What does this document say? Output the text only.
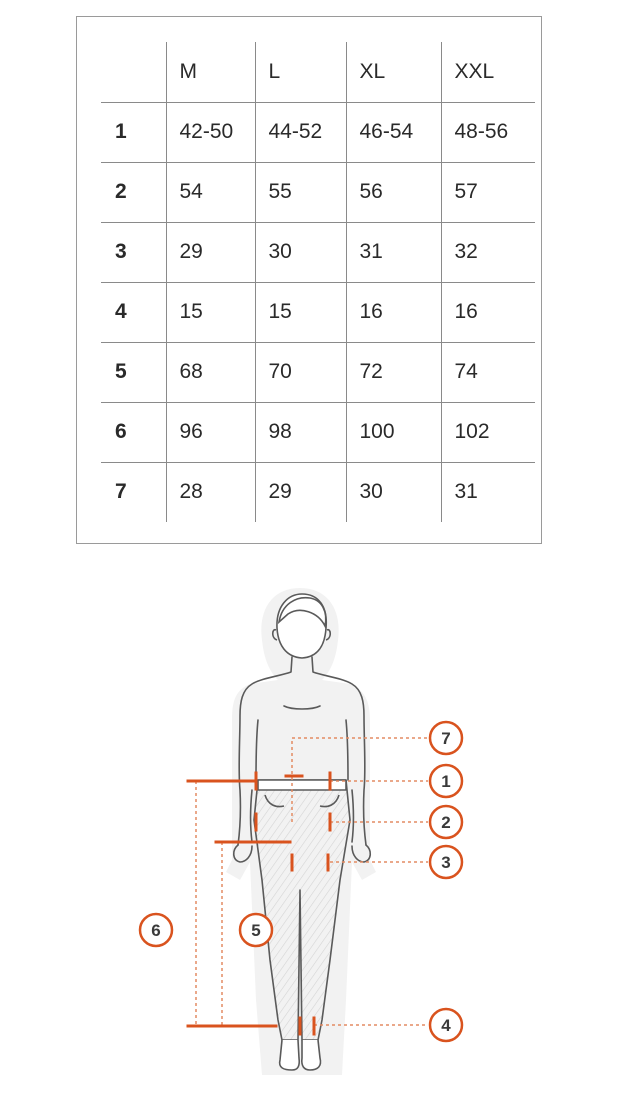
	M	L	XL	XXL
1	42-50	44-52	46-54	48-56
2	54	55	56	57
3	29	30	31	32
4	15	15	16	16
5	68	70	72	74
6	96	98	100	102
7	28	29	30	31
7
1
2
3
6	5
4
